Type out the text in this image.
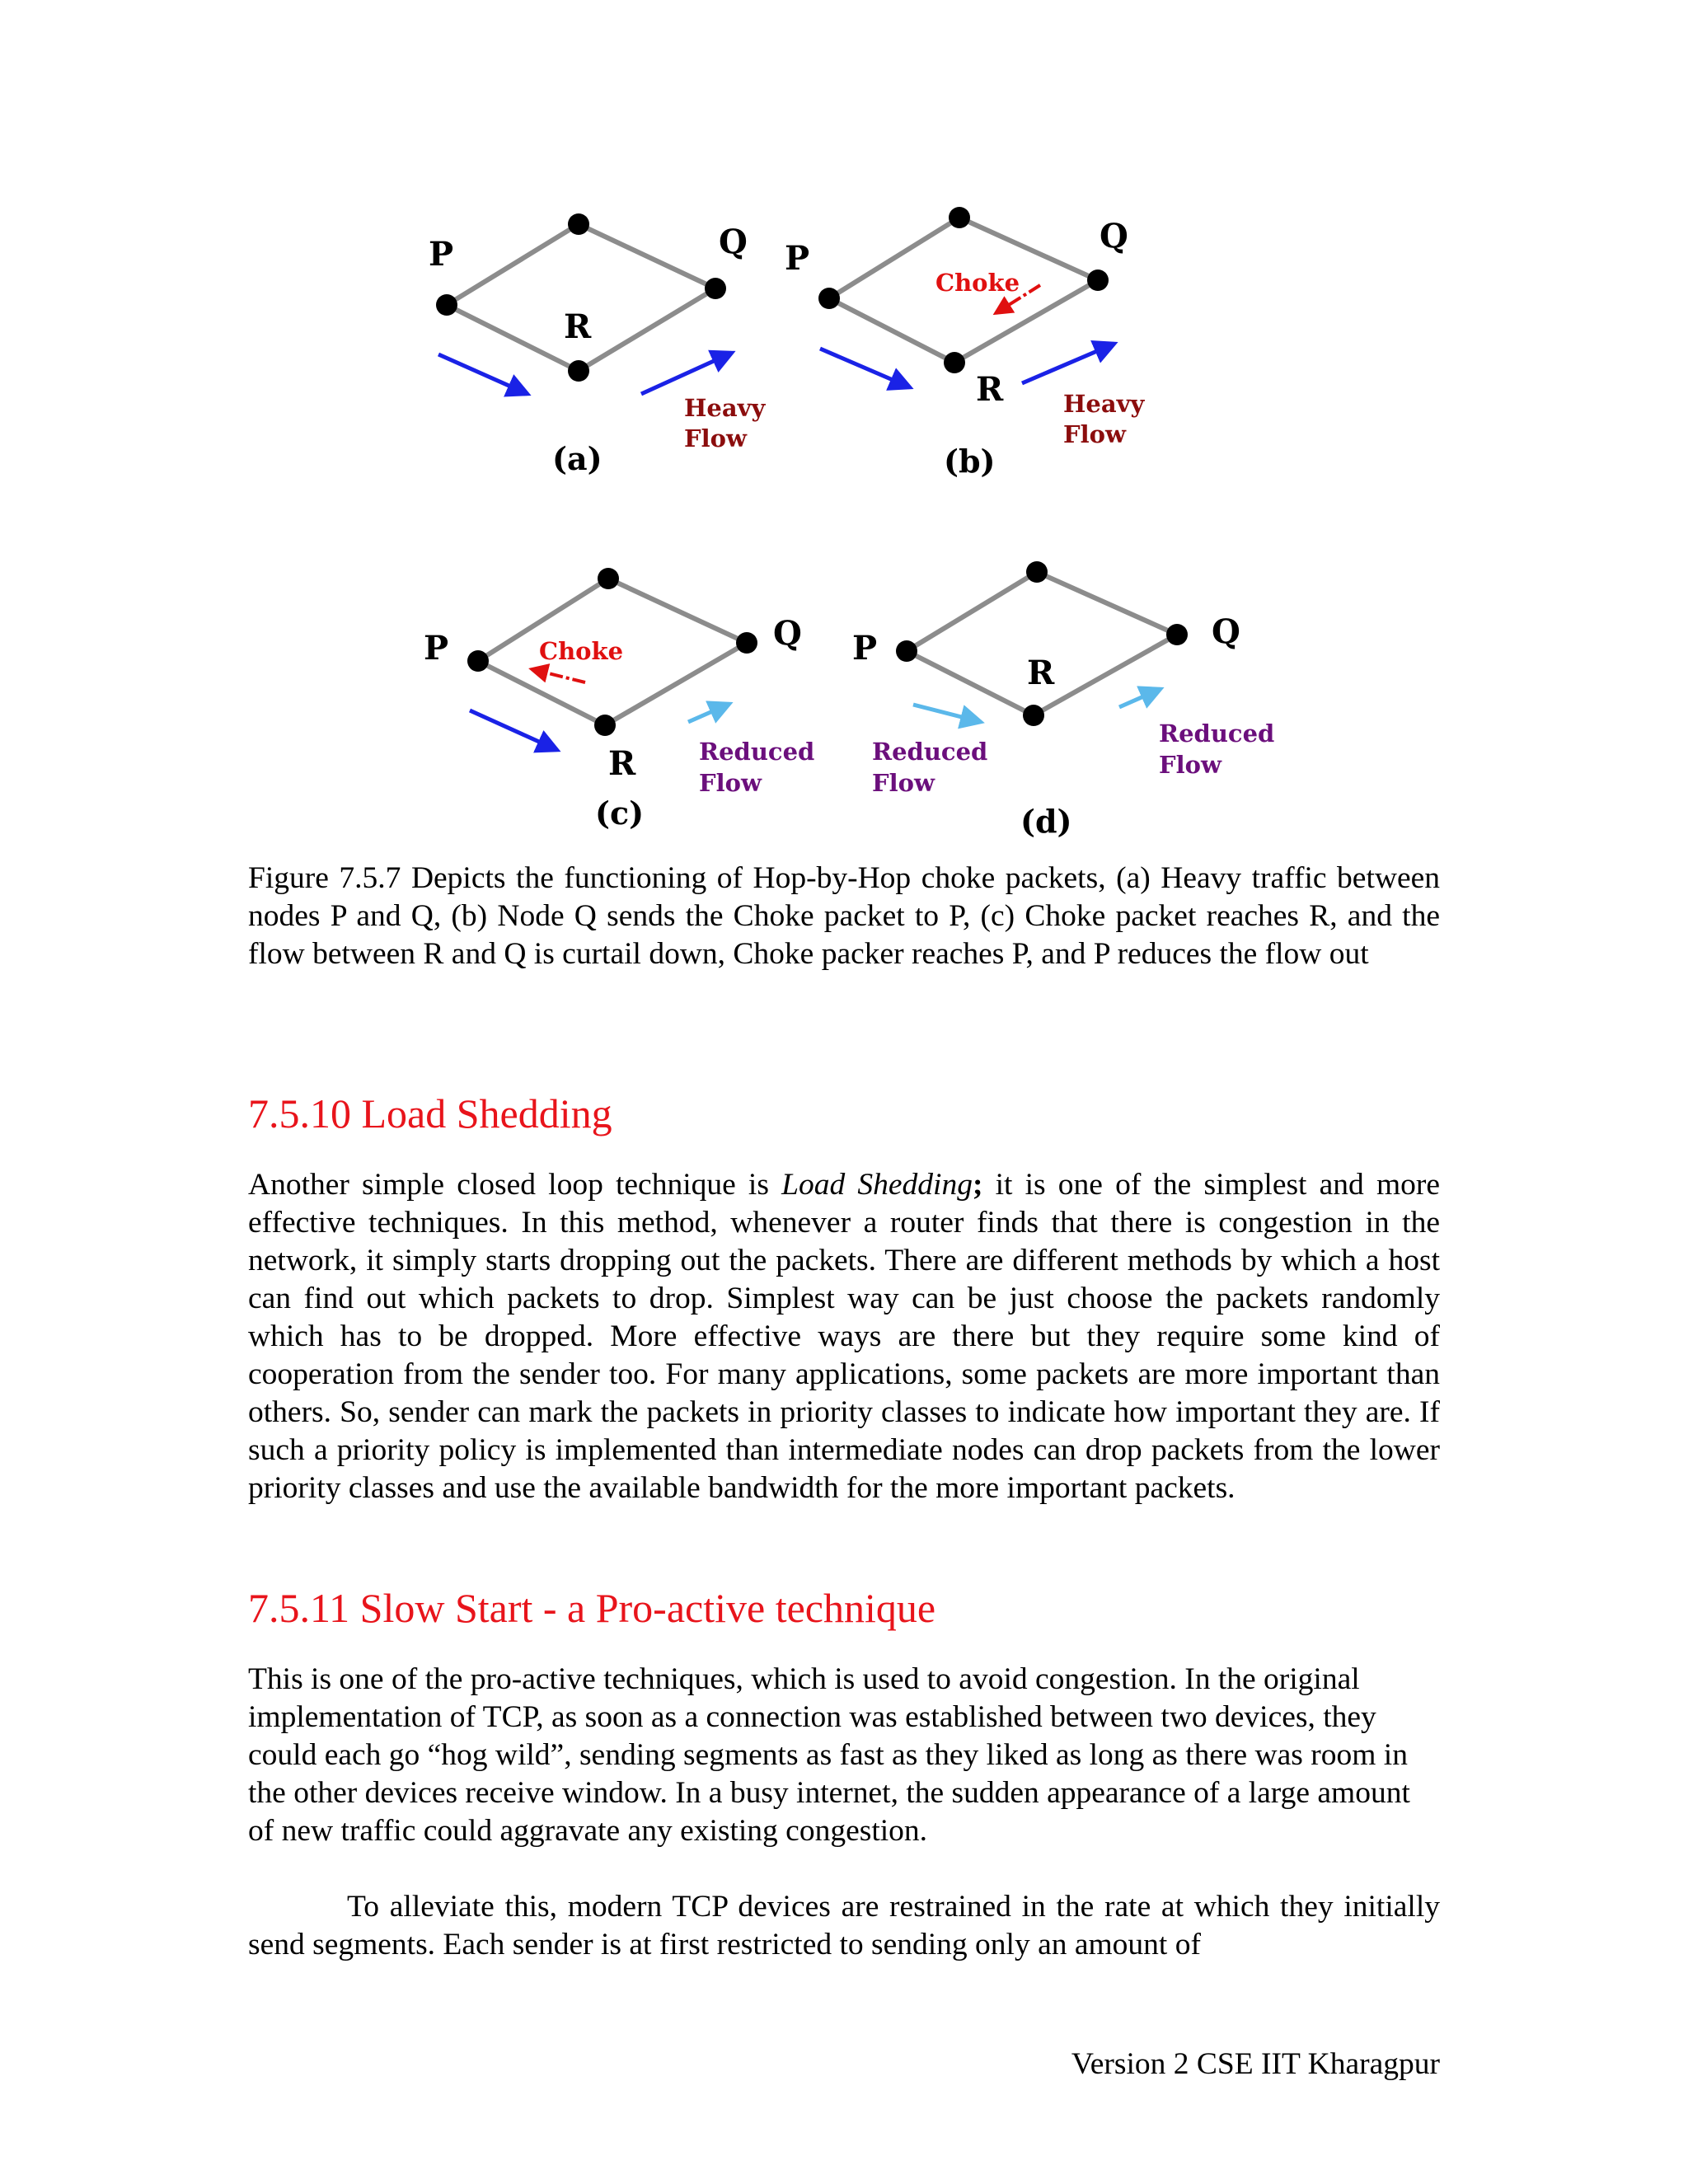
P	Q
R
Heavy Flow
(a)
P
Q
R
Choke
Heavy Flow
(b)
P	Q
R
Choke
Reduced Flow
(c)
P	Q
R
Reduced Flow
Reduced Flow
(d)

Figure 7.5.7 Depicts the functioning of Hop-by-Hop choke packets, (a) Heavy traffic between nodes P and Q, (b) Node Q sends the Choke packet to P, (c) Choke packet reaches R, and the flow between R and Q is curtail down, Choke packer reaches P, and P reduces the flow out

7.5.10 Load Shedding

Another simple closed loop technique is Load Shedding; it is one of the simplest and more effective techniques. In this method, whenever a router finds that there is congestion in the network, it simply starts dropping out the packets. There are different methods by which a host can find out which packets to drop. Simplest way can be just choose the packets randomly which has to be dropped. More effective ways are there but they require some kind of cooperation from the sender too. For many applications, some packets are more important than others. So, sender can mark the packets in priority classes to indicate how important they are. If such a priority policy is implemented than intermediate nodes can drop packets from the lower priority classes and use the available bandwidth for the more important packets.

7.5.11 Slow Start - a Pro-active technique

This is one of the pro-active techniques, which is used to avoid congestion. In the original implementation of TCP, as soon as a connection was established between two devices, they could each go “hog wild”, sending segments as fast as they liked as long as there was room in the other devices receive window. In a busy internet, the sudden appearance of a large amount of new traffic could aggravate any existing congestion.

To alleviate this, modern TCP devices are restrained in the rate at which they initially send segments. Each sender is at first restricted to sending only an amount of

Version 2 CSE IIT Kharagpur
